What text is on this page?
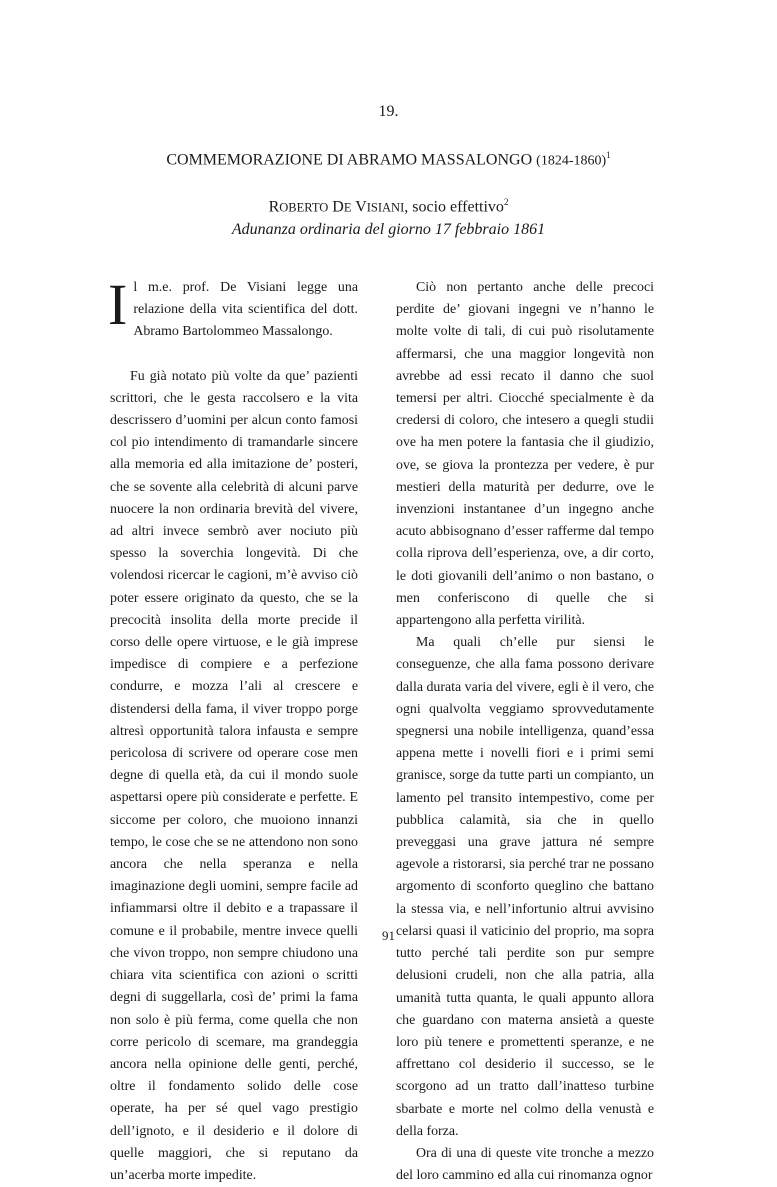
19.
COMMEMORAZIONE DI ABRAMO MASSALONGO (1824-1860)$^1$
ROBERTO DE VISIANI, socio effettivo$^2$
Adunanza ordinaria del giorno 17 febbraio 1861

Il m.e. prof. De Visiani legge una relazione della vita scientifica del dott. Abramo Bartolommeo Massalongo.

Fu già notato più volte da que’ pazienti scrittori, che le gesta raccolsero e la vita descrissero d’uomini per alcun conto famosi col pio intendimento di tramandarle sincere alla memoria ed alla imitazione de’ posteri, che se sovente alla celebrità di alcuni parve nuocere la non ordinaria brevità del vivere, ad altri invece sembrò aver nociuto più spesso la soverchia longevità. Di che volendosi ricercar le cagioni, m’è avviso ciò poter essere originato da questo, che se la precocità insolita della morte precide il corso delle opere virtuose, e le già imprese impedisce di compiere e a perfezione condurre, e mozza l’ali al crescere e distendersi della fama, il viver troppo porge altresì opportunità talora infausta e sempre pericolosa di scrivere od operare cose men degne di quella età, da cui il mondo suole aspettarsi opere più considerate e perfette. E siccome per coloro, che muoiono innanzi tempo, le cose che se ne attendono non sono ancora che nella speranza e nella imaginazione degli uomini, sempre facile ad infiammarsi oltre il debito e a trapassare il comune e il probabile, mentre invece quelli che vivon troppo, non sempre chiudono una chiara vita scientifica con azioni o scritti degni di suggellarla, così de’ primi la fama non solo è più ferma, come quella che non corre pericolo di scemare, ma grandeggia ancora nella opinione delle genti, perché, oltre il fondamento solido delle cose operate, ha per sé quel vago prestigio dell’ignoto, e il desiderio e il dolore di quelle maggiori, che si reputano da un’acerba morte impedite.

Ciò non pertanto anche delle precoci perdite de’ giovani ingegni ve n’hanno le molte volte di tali, di cui può risolutamente affermarsi, che una maggior longevità non avrebbe ad essi recato il danno che suol temersi per altri. Ciocché specialmente è da credersi di coloro, che intesero a quegli studii ove ha men potere la fantasia che il giudizio, ove, se giova la prontezza per vedere, è pur mestieri della maturità per dedurre, ove le invenzioni instantanee d’un ingegno anche acuto abbisognano d’esser rafferme dal tempo colla riprova dell’esperienza, ove, a dir corto, le doti giovanili dell’animo o non bastano, o men conferiscono di quelle che si appartengono alla perfetta virilità.

Ma quali ch’elle pur siensi le conseguenze, che alla fama possono derivare dalla durata varia del vivere, egli è il vero, che ogni qualvolta veggiamo sprovvedutamente spegnersi una nobile intelligenza, quand’essa appena mette i novelli fiori e i primi semi granisce, sorge da tutte parti un compianto, un lamento pel transito intempestivo, come per pubblica calamità, sia che in quello preveggasi una grave jattura né sempre agevole a ristorarsi, sia perché trar ne possano argomento di sconforto queglino che battano la stessa via, e nell’infortunio altrui avvisino celarsi quasi il vaticinio del proprio, ma sopra tutto perché tali perdite son pur sempre delusioni crudeli, non che alla patria, alla umanità tutta quanta, le quali appunto allora che guardano con materna ansietà a queste loro più tenere e promettenti speranze, e ne affrettano col desiderio il successo, se le scorgono ad un tratto dall’inatteso turbine sbarbate e morte nel colmo della venustà e della forza.

Ora di una di queste vite tronche a mezzo del loro cammino ed alla cui rinomanza ognor

91
